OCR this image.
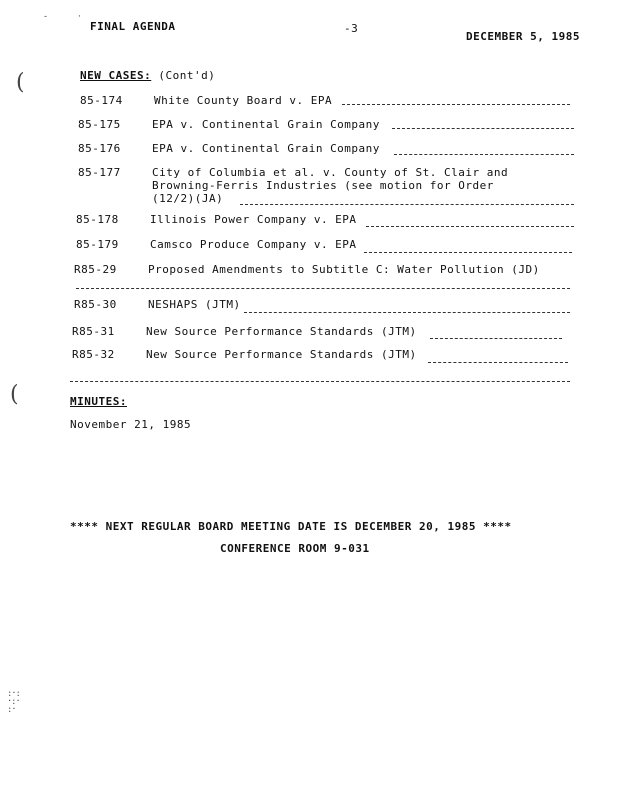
-	·
(
(
:·:
·:·
:·
FINAL AGENDA	-3
DECEMBER 5, 1985
NEW CASES: (Cont'd)
85-174	White County Board v. EPA
85-175	EPA v. Continental Grain Company
85-176	EPA v. Continental Grain Company
85-177	City of Columbia et al. v. County of St. Clair and
Browning-Ferris Industries (see motion for Order
(12/2)(JA)
85-178	Illinois Power Company v. EPA
85-179	Camsco Produce Company v. EPA
R85-29	Proposed Amendments to Subtitle C: Water Pollution (JD)
R85-30	NESHAPS (JTM)
R85-31	New Source Performance Standards (JTM)
R85-32	New Source Performance Standards (JTM)
MINUTES:
November 21, 1985
**** NEXT REGULAR BOARD MEETING DATE IS DECEMBER 20, 1985 ****
CONFERENCE ROOM 9-031
